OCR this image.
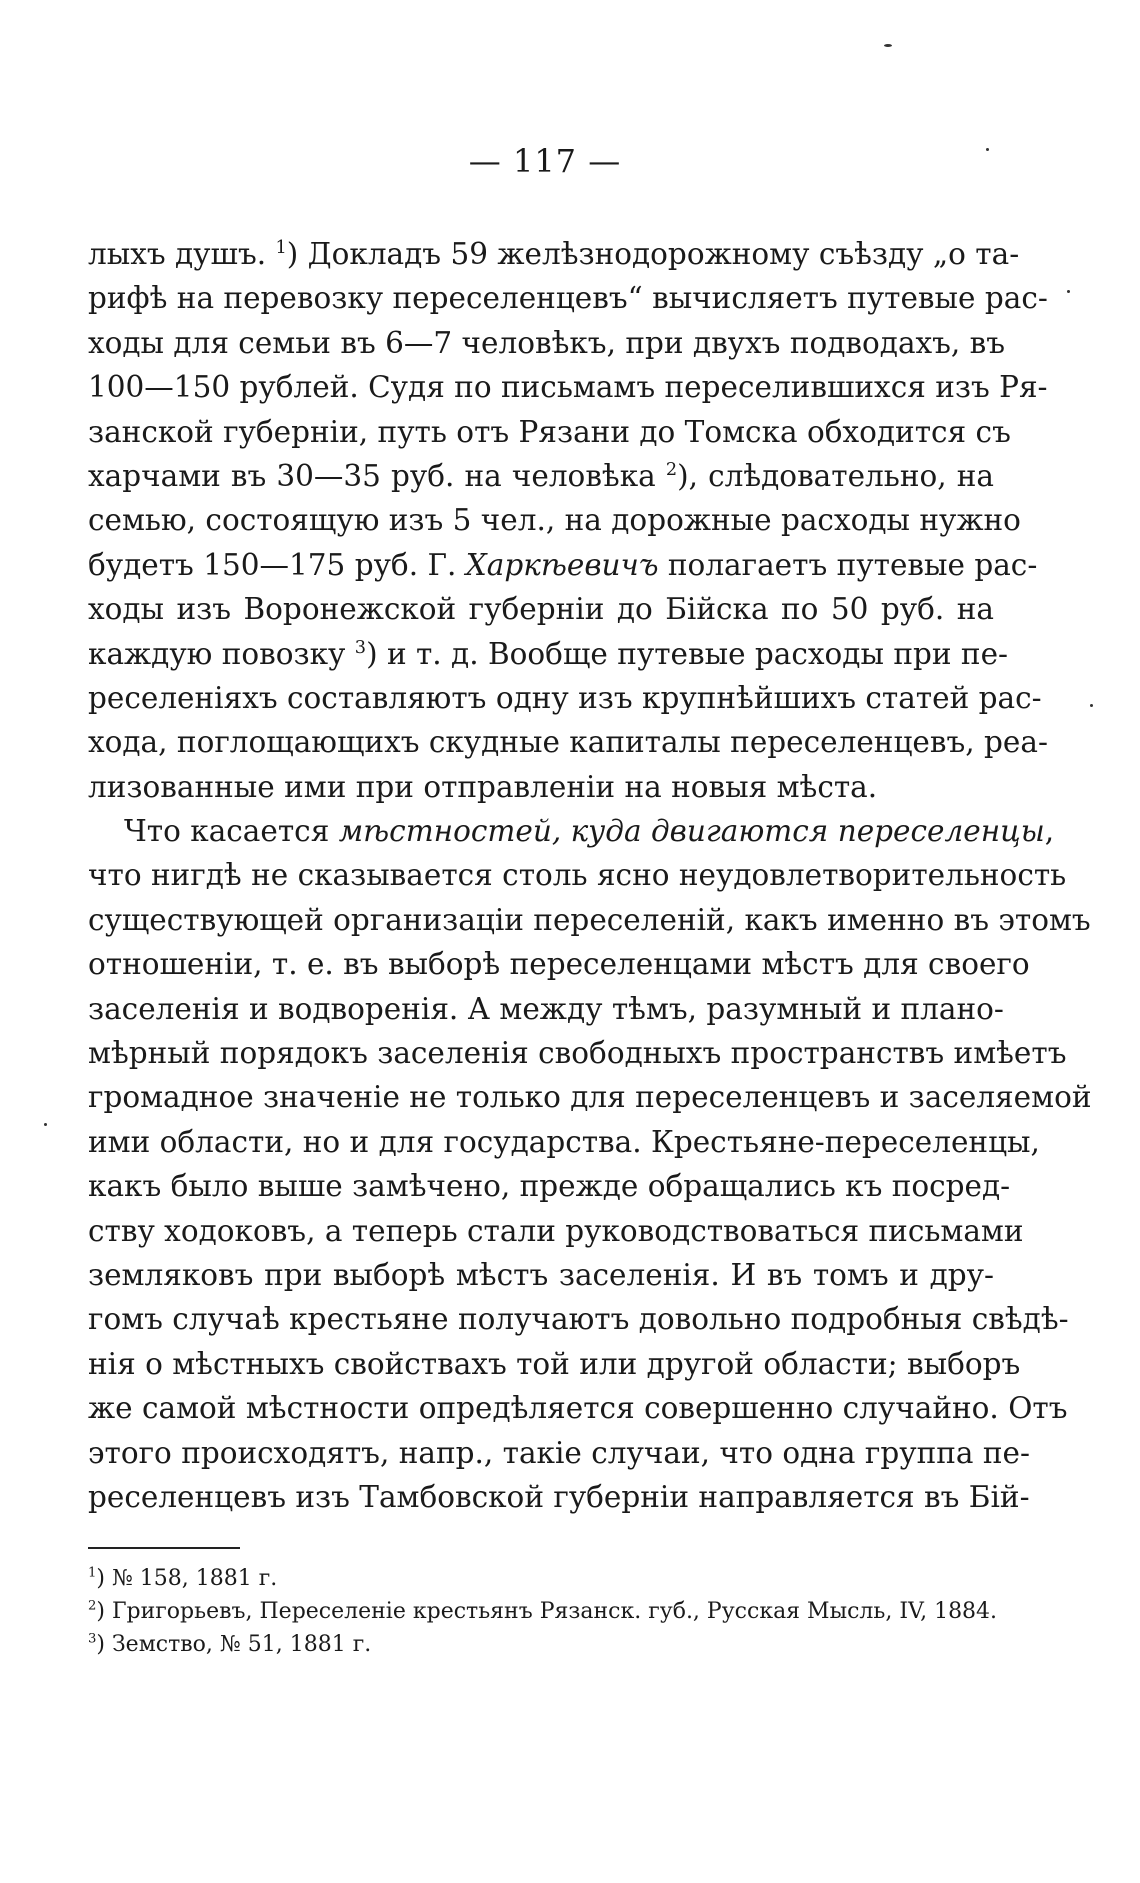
— 117 —
лыхъ душъ. $^1$) Докладъ 59 желѣзнодорожному съѣзду „о та-
рифѣ на перевозку переселенцевъ“ вычисляетъ путевые рас-
ходы для семьи въ 6—7 человѣкъ, при двухъ подводахъ, въ
100—150 рублей. Судя по письмамъ переселившихся изъ Ря-
занской губерніи, путь отъ Рязани до Томска обходится съ
харчами въ 30—35 руб. на человѣка $^2$), слѣдовательно, на
семью, состоящую изъ 5 чел., на дорожные расходы нужно
будетъ 150—175 руб. Г. Харкѣевичъ полагаетъ путевые рас-
ходы изъ Воронежской губерніи до Бійска по 50 руб. на
каждую повозку $^3$) и т. д. Вообще путевые расходы при пе-
реселеніяхъ составляютъ одну изъ крупнѣйшихъ статей рас-
хода, поглощающихъ скудные капиталы переселенцевъ, реа-
лизованные ими при отправленіи на новыя мѣста.
Что касается мѣстностей, куда двигаются переселенцы,
что нигдѣ не сказывается столь ясно неудовлетворительность
существующей организаціи переселеній, какъ именно въ этомъ
отношеніи, т. е. въ выборѣ переселенцами мѣстъ для своего
заселенія и водворенія. А между тѣмъ, разумный и плано-
мѣрный порядокъ заселенія свободныхъ пространствъ имѣетъ
громадное значеніе не только для переселенцевъ и заселяемой
ими области, но и для государства. Крестьяне-переселенцы,
какъ было выше замѣчено, прежде обращались къ посред-
ству ходоковъ, а теперь стали руководствоваться письмами
земляковъ при выборѣ мѣстъ заселенія. И въ томъ и дру-
гомъ случаѣ крестьяне получаютъ довольно подробныя свѣдѣ-
нія о мѣстныхъ свойствахъ той или другой области; выборъ
же самой мѣстности опредѣляется совершенно случайно. Отъ
этого происходятъ, напр., такіе случаи, что одна группа пе-
реселенцевъ изъ Тамбовской губерніи направляется въ Бій-
$^1$) № 158, 1881 г.
$^2$) Григорьевъ, Переселеніе крестьянъ Рязанск. губ., Русская Мысль, IV, 1884.
$^3$) Земство, № 51, 1881 г.
